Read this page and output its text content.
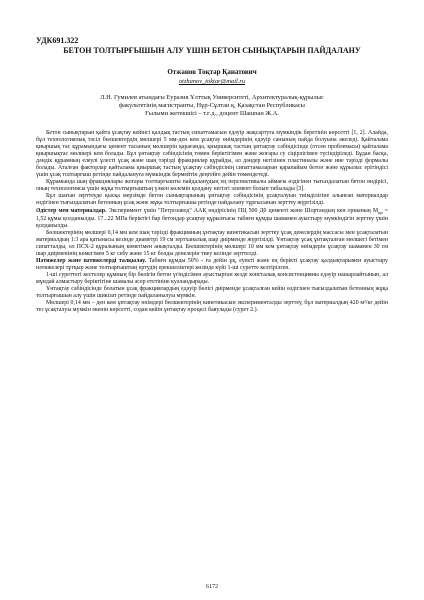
УДК691.322
БЕТОН ТОЛТЫРҒЫШЫН АЛУ ҮШІН БЕТОН СЫНЫҚТАРЫН ПАЙДАЛАНУ
Отжанов Тоқтар Қанатович
otzhanov_toktar@mail.ru
Л.Н. Гумилев атындағы Еуразия Ұлттық Университеті, Архитектуралық-құрылыс
факультетінің магистранты, Нұр-Сұлтан қ, Қазақстан Республикасы
Ғылыми жетекшісі – т.ғ.д., доцент Шашпан Ж.А.

Бетон сынықтарын қайта ұсақтау кейінгі қалдық тастың сипаттамасын едәуір жақсартуға мүмкіндік беретінін көрсетті [1, 2]. Алайда, бұл технологиялық тәсіл бөлшектердің мөлшері 5 мм-ден кем ұсақтау өнімдерінің едәуір санының пайда болуына әкеледі. Қайталама қиыршық тас құрамындағы цемент тасының мөлшерін қарағанда, қиыршық тастың ұнтақтау сәбіндісінде (отсев проблемасы) қайталама қиыршықтас мөлшері кем болады. Бұл ұнтақтау сәбіндісінің төмен беріктігімен және жоғары су сіңірлігімен түсіндіріледі. Бұдан басқа, дәндік құрамның елеулі ұлесті ұсақ және шаң тәрізді фракциялар құрайды, ал дәндер негізінен пластиналы және ине тәрізді формалы болады. Аталған факторлар қайталама қиыршық тастың ұсақтау сәбіндісінің сипаттамаларын қарапайым бетон және құрылыс ерітіндісі үшін ұсақ толтырғыш ретінде пайдалануға мүмкіндік бермейтін деңгейге дейін төмендетеді.

Құрамында шаң фракциялары жоғары толтырғышты пайдаланудың ең перспективалы аймағы өздігінен тығыздалатын бетон өндірісі, оның технологиясы үшін жұқа толтырғыштың үлкен көлемін қолдану негізгі элемент болып табылады [3].

Бұл шағын зерттеуде қысқа мерзімде бетон сынықтарының ұнтақтау сәбіндісінің ұсақталуын тиімділігіне алынған материалдар өздігінен тығыздалатын бетонның ұсақ және жұқа толтырғышы ретінде пайдалану тұрғысынан зерттеу жүргізілді.

Әдістер мен материалдар. Эксперимент үшін "Петрозавод" ААҚ өндірісінің ПЦ 500 Д0 цементі және Шортандың кен орнының $М_{кр} = 1,52$ құмы қолданылды. 17...22 МПа беріктігі бар бетондар ұсақтау құрылғысы табиғи құмды шамамен ауыстыру мүмкіндігін зерттеу үшін қолданылды.

Бөлшектерінің мөлшері 0,14 мм кем шаң тәрізді фракцияның ұнтақтау кинетикасын зерттеу ұсақ денелердің массасы мен ұсақталатын материалдың 1:3 ара қатынасы кезінде диаметрі 19 см зертханалық шар диірменде жүргізілді. Ұнтақтау ұсақ ұнтақталған мөлшегі бетімен сипатталды, ол ПСХ-2 құралының көмегімен анықталды. Бөлшектерінің мөлшері 10 мм кем ұнтақтау өнімдерін ұсақтау шамамен 30 см шар диірменінің көмегімен 5 кг себу және 15 кг болды денелерін тиеу кезінде зерттелді.

Нәтижелер және нәтижелерді талқылау. Табиғи құмды 50% - ға дейін ұқ, еуекті және ең берікті ұсақтау қалдықтарымен ауыстыру нәтижелері тұтқыр және толтырғыштың ертудің ерекшеліктері көзінде күйі 1-ші суретте келтірілген.

1-ші суреттегі кестелер құмның бір бөлігін бетон үгіндісімен ауыстырған кезде консталық консистенцияны едәуір нашарлайтынын, ал мұндай алмастыру беріктігіне шамалы әсер ететініне куәландырады.

Ұнтақтау сәбіндісінде болатын ұсақ фракциялардың едәуір бөлігі диірменде ұсақталған кейін өздігінен тығыздалатын бетонның жұқа толтырғышын алу үшін шикізат ретінде пайдаланылуы мүмкін.

Мөлшері 0,14 мм – ден кем ұнтақтау өнімдері бөлшектерінің кинетикасын эксперименталды зерттеу, бұл материалдың 420 м²/кг дейін тез ұсақталуы мүмкін екенін көрсетті, содан кейін ұнтақтау процесі баяулады (сурет 2.).

6172
